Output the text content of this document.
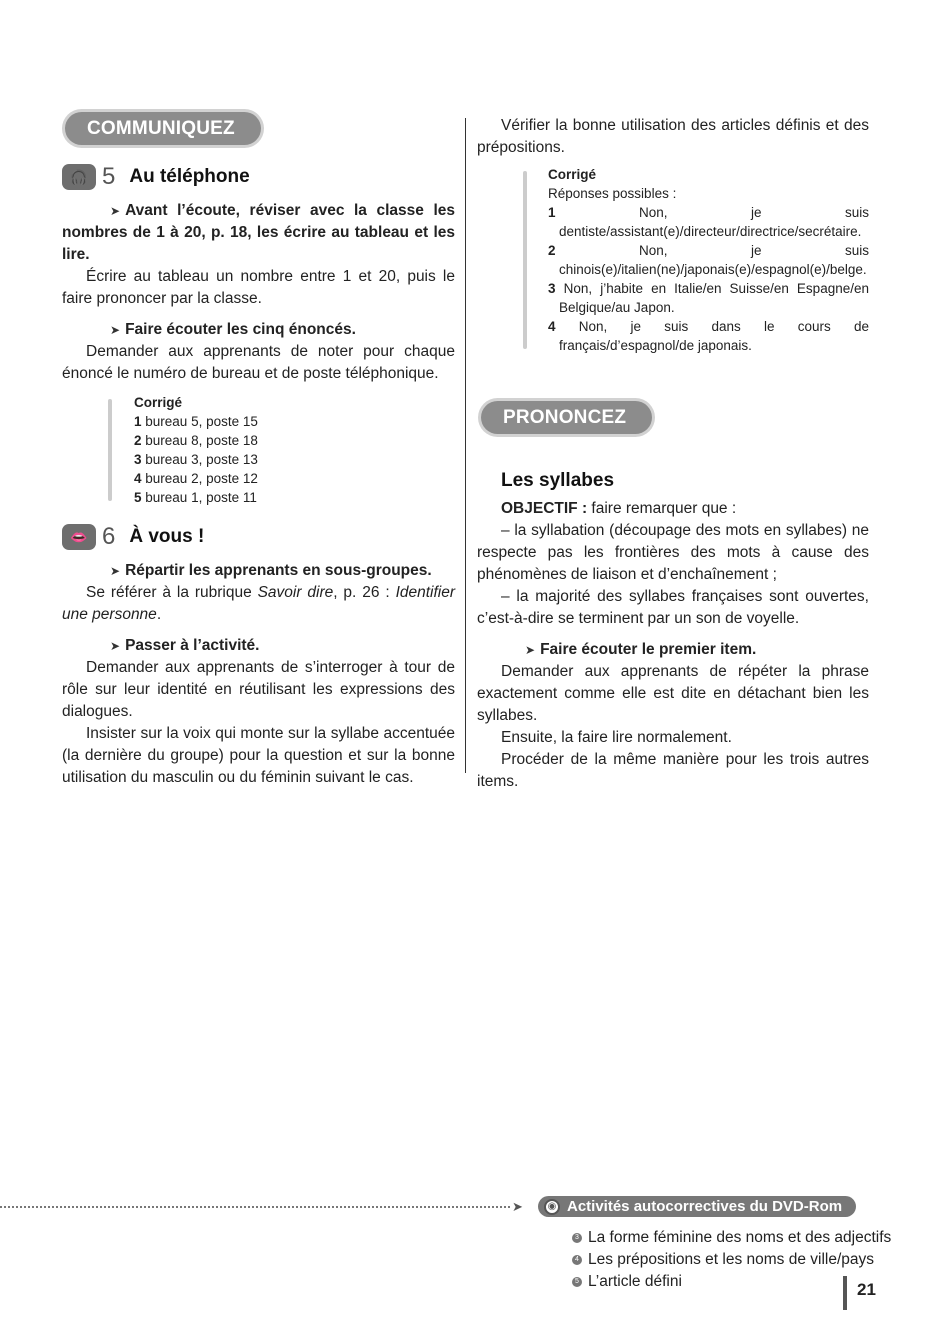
COMMUNIQUEZ
🎧 5 Au téléphone

➤ Avant l’écoute, réviser avec la classe les nombres de 1 à 20, p. 18, les écrire au tableau et les lire.

Écrire au tableau un nombre entre 1 et 20, puis le faire prononcer par la classe.

➤ Faire écouter les cinq énoncés.

Demander aux apprenants de noter pour chaque énoncé le numéro de bureau et de poste téléphonique.

Corrigé
1 bureau 5, poste 15
2 bureau 8, poste 18
3 bureau 3, poste 13
4 bureau 2, poste 12
5 bureau 1, poste 11
👄 6 À vous !

➤ Répartir les apprenants en sous-groupes.

Se référer à la rubrique Savoir dire, p. 26 : Identifier une personne.

➤ Passer à l’activité.

Demander aux apprenants de s’interroger à tour de rôle sur leur identité en réutilisant les expressions des dialogues.

Insister sur la voix qui monte sur la syllabe accentuée (la dernière du groupe) pour la question et sur la bonne utilisation du masculin ou du féminin suivant le cas.

Vérifier la bonne utilisation des articles définis et des prépositions.

Corrigé
Réponses possibles :
1	Non, je suis dentiste/assistant(e)/directeur/directrice/secrétaire.
2	Non, je suis chinois(e)/italien(ne)/japonais(e)/espagnol(e)/belge.
3 Non, j’habite en Italie/en Suisse/en Espagne/en Belgique/au Japon.
4 Non, je suis dans le cours de français/d’espagnol/de japonais.
PRONONCEZ
Les syllabes

OBJECTIF : faire remarquer que :

– la syllabation (découpage des mots en syllabes) ne respecte pas les frontières des mots à cause des phénomènes de liaison et d’enchaînement ;

– la majorité des syllabes françaises sont ouvertes, c’est-à-dire se terminent par un son de voyelle.

➤ Faire écouter le premier item.

Demander aux apprenants de répéter la phrase exactement comme elle est dite en détachant bien les syllabes.

Ensuite, la faire lire normalement.

Procéder de la même manière pour les trois autres items.

➤	◉ Activités autocorrectives du DVD-Rom
3 La forme féminine des noms et des adjectifs
4 Les prépositions et les noms de ville/pays
5 L’article défini	21
